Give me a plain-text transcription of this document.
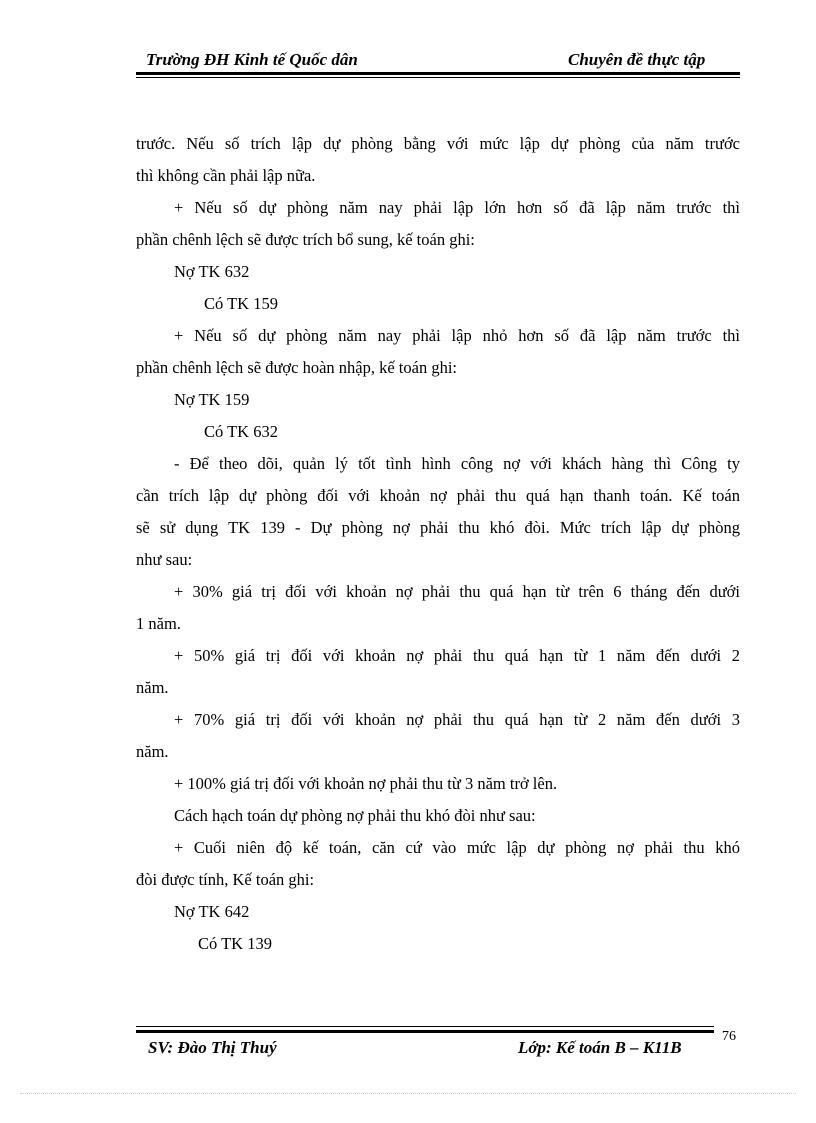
Trường ĐH Kinh tế Quốc dân	Chuyên đề thực tập
trước. Nếu số trích lập dự phòng bằng với mức lập dự phòng của năm trước
thì không cần phải lập nữa.
+ Nếu số dự phòng năm nay phải lập lớn hơn số đã lập năm trước thì
phần chênh lệch sẽ được trích bổ sung, kế toán ghi:
Nợ TK 632
Có TK 159
+ Nếu số dự phòng năm nay phải lập nhỏ hơn số đã lập năm trước thì
phần chênh lệch sẽ được hoàn nhập, kế toán ghi:
Nợ TK 159
Có TK 632
- Để theo dõi, quản lý tốt tình hình công nợ với khách hàng thì Công ty
cần trích lập dự phòng đối với khoản nợ phải thu quá hạn thanh toán. Kế toán
sẽ sử dụng TK 139 - Dự phòng nợ phải thu khó đòi. Mức trích lập dự phòng
như sau:
+ 30% giá trị đối với khoản nợ phải thu quá hạn từ trên 6 tháng đến dưới
1 năm.
+ 50% giá trị đối với khoản nợ phải thu quá hạn từ 1 năm đến dưới 2
năm.
+ 70% giá trị đối với khoản nợ phải thu quá hạn từ 2 năm đến dưới 3
năm.
+ 100% giá trị đối với khoản nợ phải thu từ 3 năm trở lên.
Cách hạch toán dự phòng nợ phải thu khó đòi như sau:
+ Cuối niên độ kế toán, căn cứ vào mức lập dự phòng nợ phải thu khó
đòi được tính, Kế toán ghi:
Nợ TK 642
Có TK 139
SV: Đào Thị Thuý	Lớp: Kế toán B – K11B
76
